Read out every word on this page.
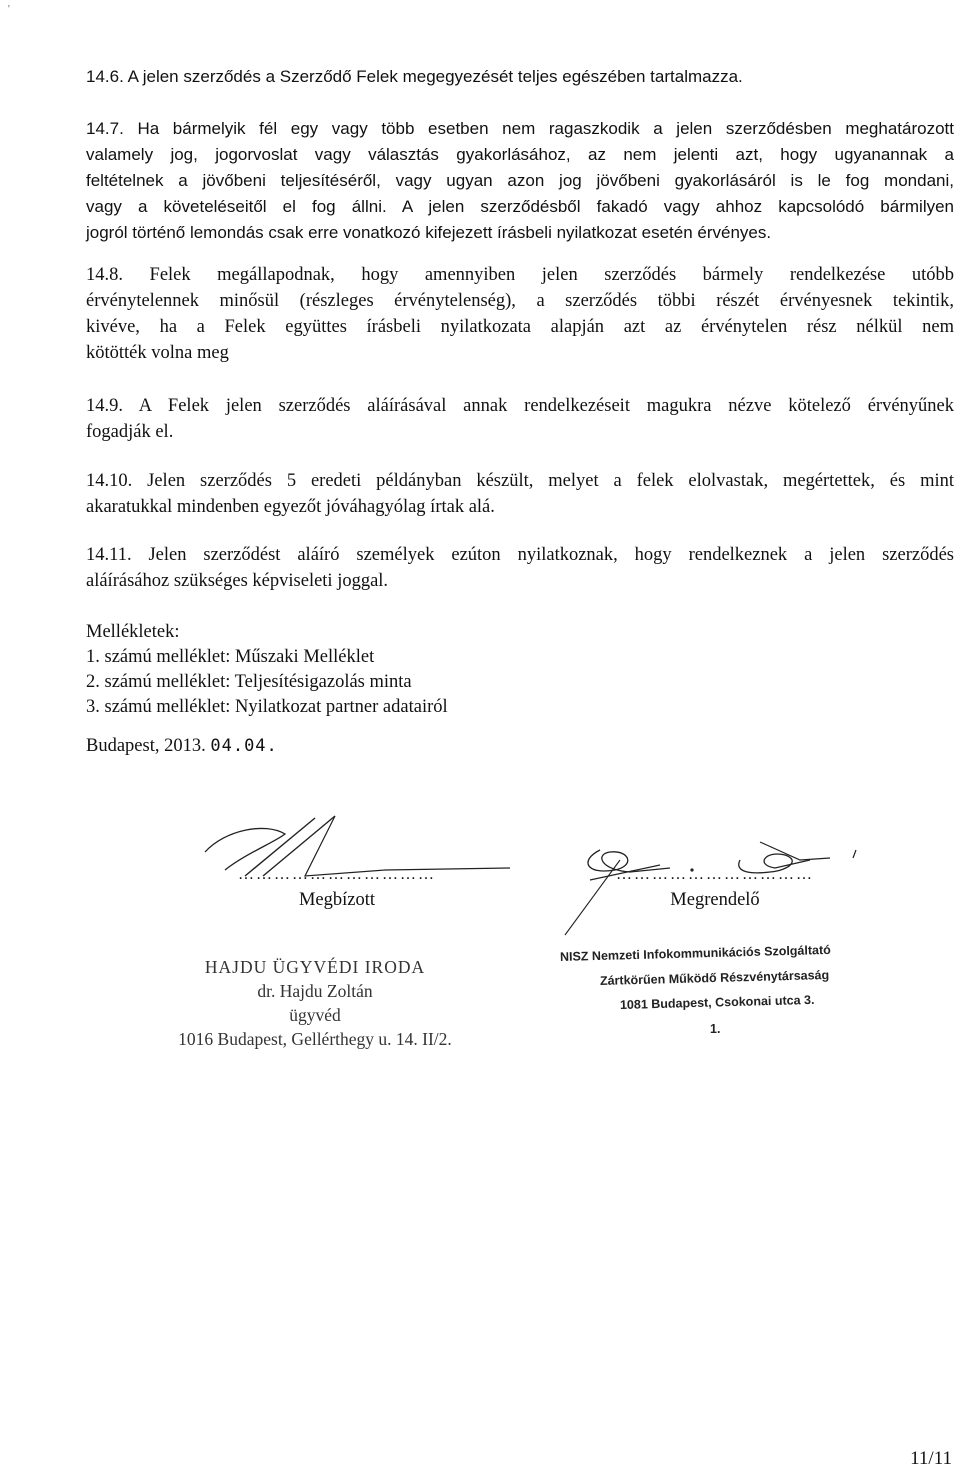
'
14.6. A jelen szerződés a Szerződő Felek megegyezését teljes egészében tartalmazza.
14.7. Ha bármelyik fél egy vagy több esetben nem ragaszkodik a jelen szerződésben meghatározott
valamely jog, jogorvoslat vagy választás gyakorlásához, az nem jelenti azt, hogy ugyanannak a
feltételnek a jövőbeni teljesítéséről, vagy ugyan azon jog jövőbeni gyakorlásáról is le fog mondani,
vagy a követeléseitől el fog állni. A jelen szerződésből fakadó vagy ahhoz kapcsolódó bármilyen
jogról történő lemondás csak erre vonatkozó kifejezett írásbeli nyilatkozat esetén érvényes.
14.8. Felek megállapodnak, hogy amennyiben jelen szerződés bármely rendelkezése utóbb
érvénytelennek minősül (részleges érvénytelenség), a szerződés többi részét érvényesnek tekintik,
kivéve, ha a Felek együttes írásbeli nyilatkozata alapján azt az érvénytelen rész nélkül nem
kötötték volna meg
14.9. A Felek jelen szerződés aláírásával annak rendelkezéseit magukra nézve kötelező érvényűnek
fogadják el.
14.10. Jelen szerződés 5 eredeti példányban készült, melyet a felek elolvastak, megértettek, és mint
akaratukkal mindenben egyezőt jóváhagyólag írtak alá.
14.11. Jelen szerződést aláíró személyek ezúton nyilatkoznak, hogy rendelkeznek a jelen szerződés
aláírásához szükséges képviseleti joggal.
Mellékletek:
1. számú melléklet: Műszaki Melléklet
2. számú melléklet: Teljesítésigazolás minta
3. számú melléklet: Nyilatkozat partner adatairól
Budapest, 2013. 04.04.
……………………………
Megbízott
……………………………
Megrendelő
HAJDU ÜGYVÉDI IRODA
dr. Hajdu Zoltán
ügyvéd
1016 Budapest, Gellérthegy u. 14. II/2.
NISZ Nemzeti Infokommunikációs Szolgáltató
Zártkörűen Működő Részvénytársaság
1081 Budapest, Csokonai utca 3.
1.
11/11
